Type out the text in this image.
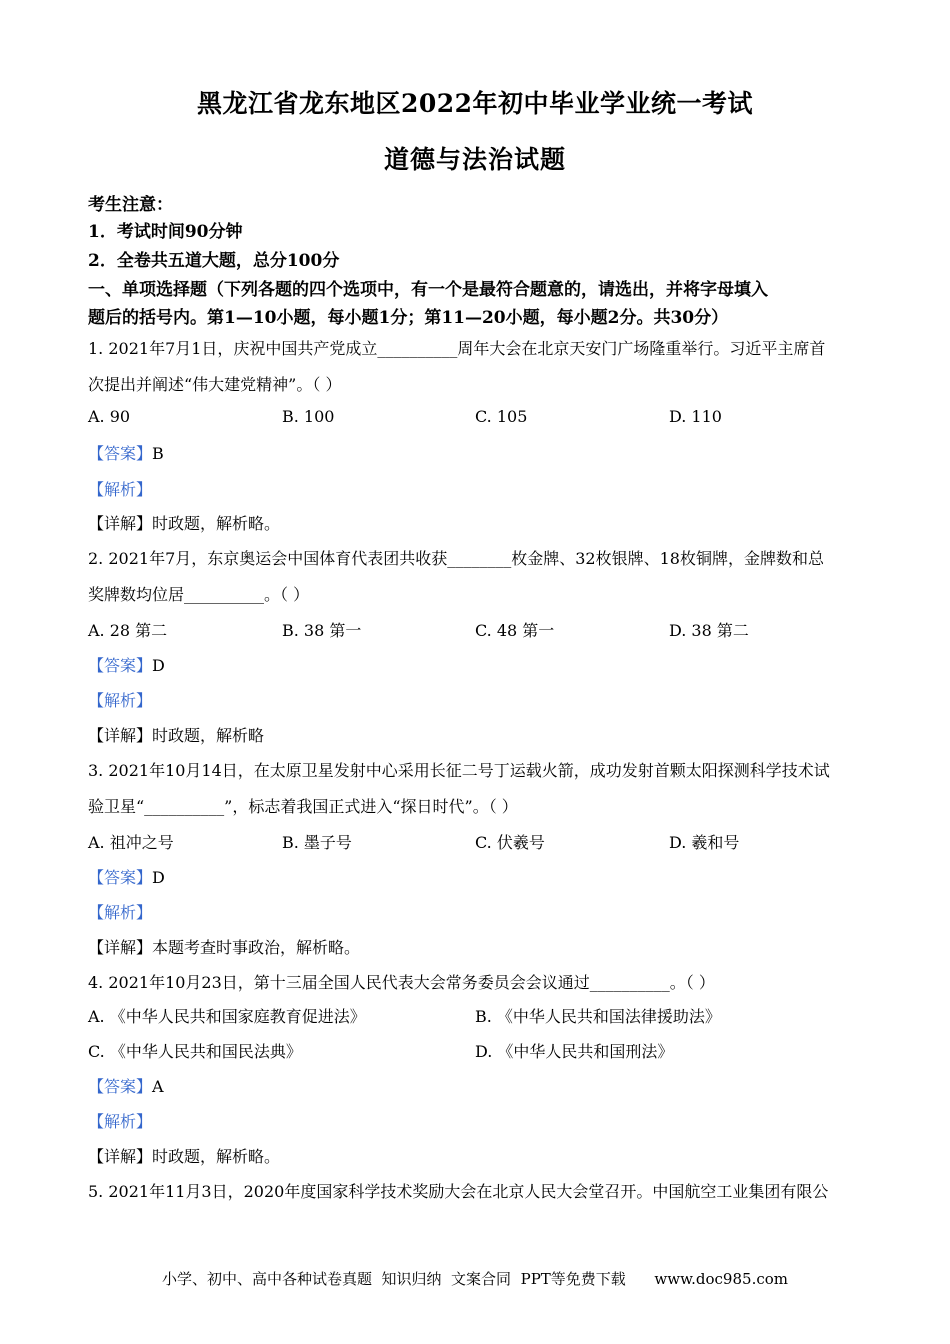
黑龙江省龙东地区2022年初中毕业学业统一考试
道德与法治试题
考生注意：
1．考试时间90分钟
2．全卷共五道大题，总分100分
一、单项选择题（下列各题的四个选项中，有一个是最符合题意的，请选出，并将字母填入
题后的括号内。第1—10小题，每小题1分；第11—20小题，每小题2分。共30分）
1. 2021年7月1日，庆祝中国共产党成立__________周年大会在北京天安门广场隆重举行。习近平主席首
次提出并阐述“伟大建党精神”。（ ）
A. 90	B. 100	C. 105	D. 110
【答案】B
【解析】
【详解】时政题，解析略。
2. 2021年7月，东京奥运会中国体育代表团共收获________枚金牌、32枚银牌、18枚铜牌，金牌数和总
奖牌数均位居__________。（ ）
A. 28 第二	B. 38 第一	C. 48 第一	D. 38 第二
【答案】D
【解析】
【详解】时政题，解析略
3. 2021年10月14日，在太原卫星发射中心采用长征二号丁运载火箭，成功发射首颗太阳探测科学技术试
验卫星“__________”，标志着我国正式进入“探日时代”。（ ）
A. 祖冲之号	B. 墨子号	C. 伏羲号	D. 羲和号
【答案】D
【解析】
【详解】本题考查时事政治，解析略。
4. 2021年10月23日，第十三届全国人民代表大会常务委员会会议通过__________。（ ）
A. 《中华人民共和国家庭教育促进法》	B. 《中华人民共和国法律援助法》
C. 《中华人民共和国民法典》	D. 《中华人民共和国刑法》
【答案】A
【解析】
【详解】时政题，解析略。
5. 2021年11月3日，2020年度国家科学技术奖励大会在北京人民大会堂召开。中国航空工业集团有限公
小学、初中、高中各种试卷真题  知识归纳  文案合同  PPT等免费下载      www.doc985.com
